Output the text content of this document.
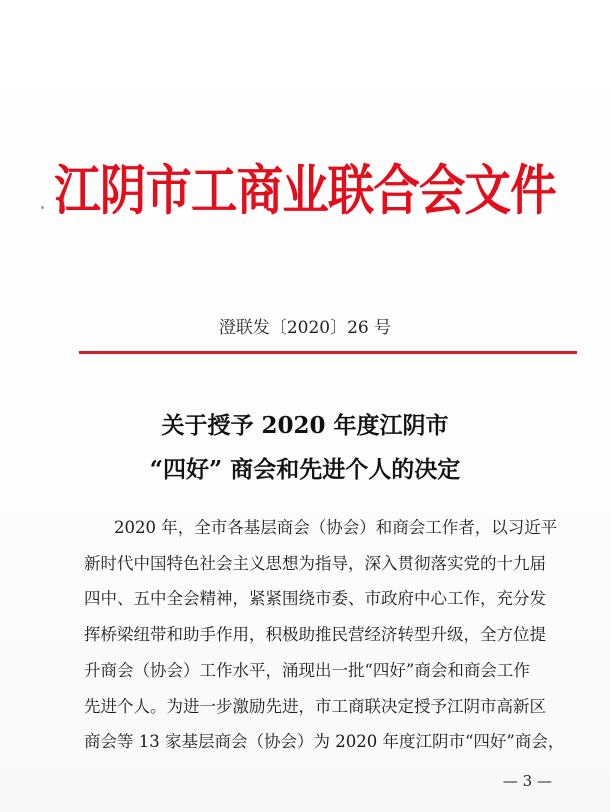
江阴市工商业联合会文件
澄联发〔2020〕26 号
关于授予 2020 年度江阴市
“四好” 商会和先进个人的决定
2020 年，全市各基层商会（协会）和商会工作者，以习近平
新时代中国特色社会主义思想为指导，深入贯彻落实党的十九届
四中、五中全会精神，紧紧围绕市委、市政府中心工作，充分发
挥桥梁纽带和助手作用，积极助推民营经济转型升级，全方位提
升商会（协会）工作水平，涌现出一批“四好”商会和商会工作
先进个人。为进一步激励先进，市工商联决定授予江阴市高新区
商会等 13 家基层商会（协会）为 2020 年度江阴市“四好”商会，
— 3 —
